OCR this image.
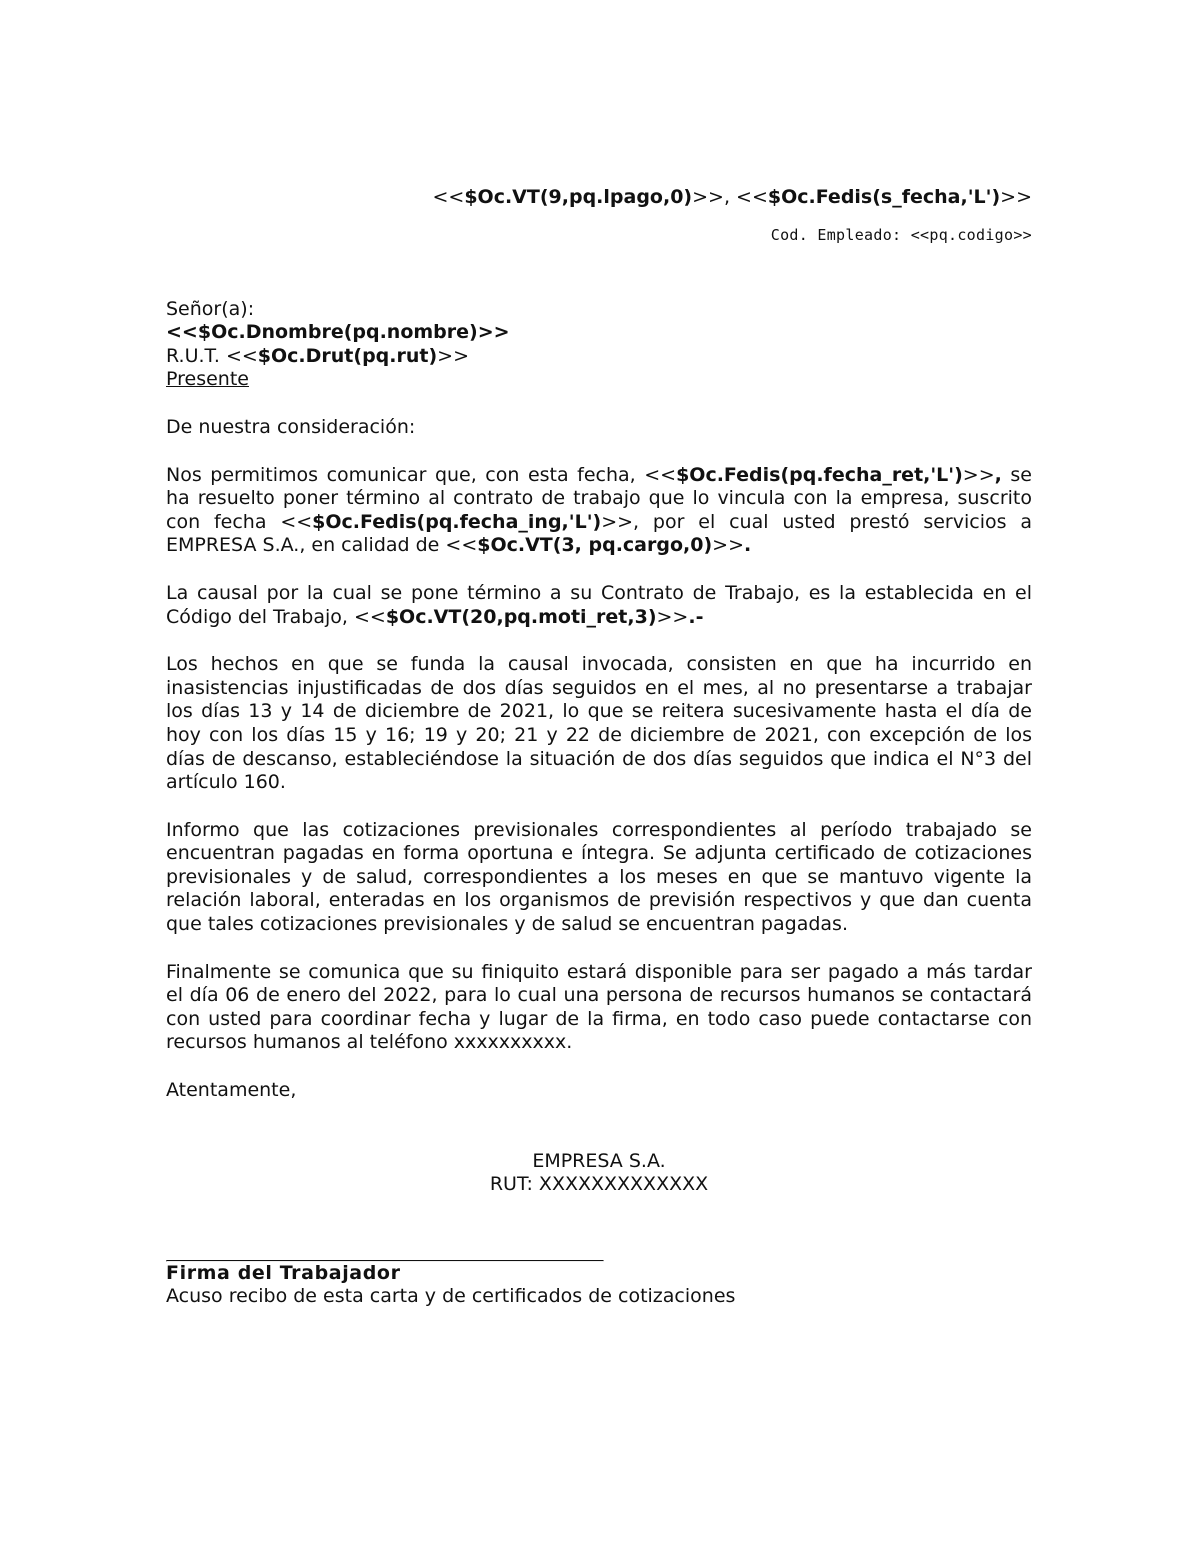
<<$Oc.VT(9,pq.lpago,0)>>, <<$Oc.Fedis(s_fecha,'L')>>

Cod. Empleado: <<pq.codigo>>

Señor(a):

<<$Oc.Dnombre(pq.nombre)>>

R.U.T. <<$Oc.Drut(pq.rut)>>

Presente

De nuestra consideración:

Nos permitimos comunicar que, con esta fecha, <<$Oc.Fedis(pq.fecha_ret,'L')>>, se ha resuelto poner término al contrato de trabajo que lo vincula con la empresa, suscrito con fecha <<$Oc.Fedis(pq.fecha_ing,'L')>>, por el cual usted prestó servicios a EMPRESA S.A., en calidad de <<$Oc.VT(3, pq.cargo,0)>>.

La causal por la cual se pone término a su Contrato de Trabajo, es la establecida en el Código del Trabajo, <<$Oc.VT(20,pq.moti_ret,3)>>.-

Los hechos en que se funda la causal invocada, consisten en que ha incurrido en inasistencias injustificadas de dos días seguidos en el mes, al no presentarse a trabajar los días 13 y 14 de diciembre de 2021, lo que se reitera sucesivamente hasta el día de hoy con los días 15 y 16; 19 y 20; 21 y 22 de diciembre de 2021, con excepción de los días de descanso, estableciéndose la situación de dos días seguidos que indica el N°3 del artículo 160.

Informo que las cotizaciones previsionales correspondientes al período trabajado se encuentran pagadas en forma oportuna e íntegra. Se adjunta certificado de cotizaciones previsionales y de salud, correspondientes a los meses en que se mantuvo vigente la relación laboral, enteradas en los organismos de previsión respectivos y que dan cuenta que tales cotizaciones previsionales y de salud se encuentran pagadas.

Finalmente se comunica que su finiquito estará disponible para ser pagado a más tardar el día 06 de enero del 2022, para lo cual una persona de recursos humanos se contactará con usted para coordinar fecha y lugar de la firma, en todo caso puede contactarse con recursos humanos al teléfono xxxxxxxxxx.

Atentamente,

EMPRESA S.A.

RUT: XXXXXXXXXXXXX

Firma del Trabajador

Acuso recibo de esta carta y de certificados de cotizaciones
